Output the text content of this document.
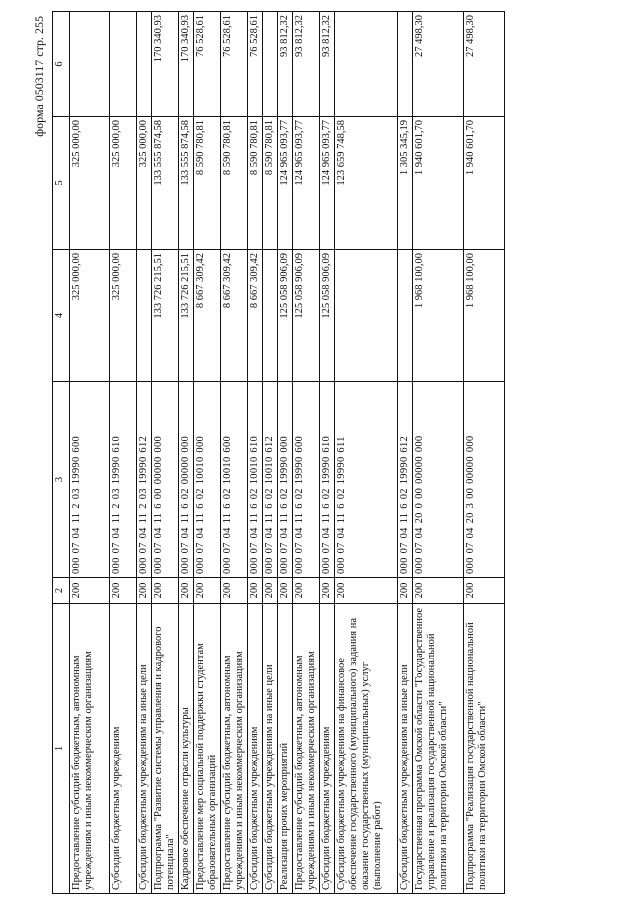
форма 0503117 стр. 255
1	2	3	4	5	6
Предоставление субсидий бюджетным, автономным учреждениям и иным некоммерческим организациям	200	000 07 04 11 2 03 19990 600	325 000,00	325 000,00	
Субсидии бюджетным учреждениям	200	000 07 04 11 2 03 19990 610	325 000,00	325 000,00	
Субсидии бюджетным учреждениям на иные цели	200	000 07 04 11 2 03 19990 612		325 000,00	
Подпрограмма "Развитие системы управления и кадрового потенциала"	200	000 07 04 11 6 00 00000 000	133 726 215,51	133 555 874,58	170 340,93
Кадровое обеспечение отрасли культуры	200	000 07 04 11 6 02 00000 000	133 726 215,51	133 555 874,58	170 340,93
Предоставление мер социальной поддержки студентам образовательных организаций	200	000 07 04 11 6 02 10010 000	8 667 309,42	8 590 780,81	76 528,61
Предоставление субсидий бюджетным, автономным учреждениям и иным некоммерческим организациям	200	000 07 04 11 6 02 10010 600	8 667 309,42	8 590 780,81	76 528,61
Субсидии бюджетным учреждениям	200	000 07 04 11 6 02 10010 610	8 667 309,42	8 590 780,81	76 528,61
Субсидии бюджетным учреждениям на иные цели	200	000 07 04 11 6 02 10010 612		8 590 780,81	
Реализация прочих мероприятий	200	000 07 04 11 6 02 19990 000	125 058 906,09	124 965 093,77	93 812,32
Предоставление субсидий бюджетным, автономным учреждениям и иным некоммерческим организациям	200	000 07 04 11 6 02 19990 600	125 058 906,09	124 965 093,77	93 812,32
Субсидии бюджетным учреждениям	200	000 07 04 11 6 02 19990 610	125 058 906,09	124 965 093,77	93 812,32
Субсидии бюджетным учреждениям на финансовое обеспечение государственного (муниципального) задания на оказание государственных (муниципальных) услуг (выполнение работ)	200	000 07 04 11 6 02 19990 611		123 659 748,58	
Субсидии бюджетным учреждениям на иные цели	200	000 07 04 11 6 02 19990 612		1 305 345,19	
Государственная программа Омской области "Государственное управление и реализация государственной национальной политики на территории Омской области"	200	000 07 04 20 0 00 00000 000	1 968 100,00	1 940 601,70	27 498,30
Подпрограмма "Реализация государственной национальной политики на территории Омской области"	200	000 07 04 20 3 00 00000 000	1 968 100,00	1 940 601,70	27 498,30
